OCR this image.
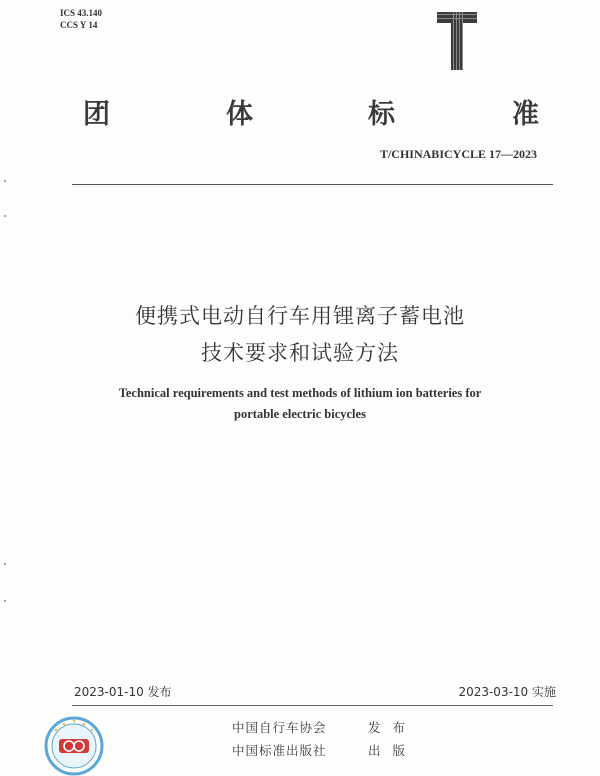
ICS 43.140
CCS Y 14
团	体	标	准
T/CHINABICYCLE 17—2023
便携式电动自行车用锂离子蓄电池
技术要求和试验方法
Technical requirements and test methods of lithium ion batteries for
portable electric bicycles
2023-01-10 发布	2023-03-10 实施
中国自行车协会	发 布
中国标准出版社	出 版
